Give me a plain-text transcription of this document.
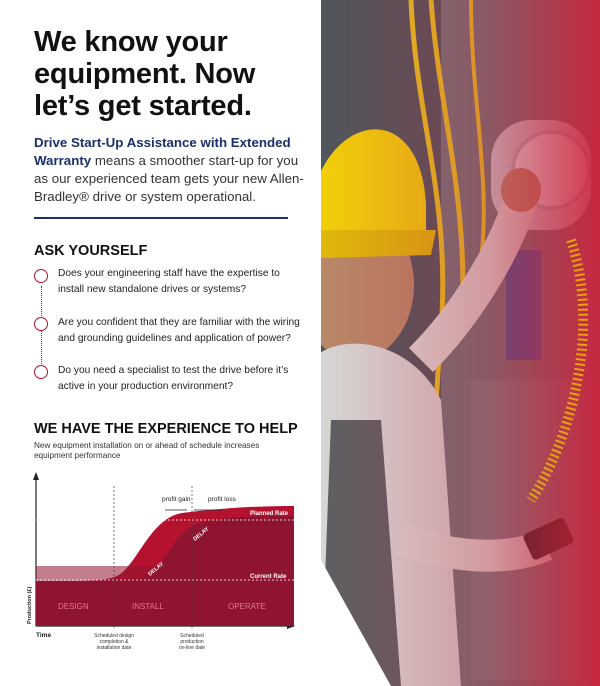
We know your equipment. Now let’s get started.

Drive Start-Up Assistance with Extended Warranty means a smoother start-up for you as our experienced team gets your new Allen-Bradley® drive or system operational.

ASK YOURSELF

Does your engineering staff have the expertise to install new standalone drives or systems?

Are you confident that they are familiar with the wiring and grounding guidelines and application of power?

Do you need a specialist to test the drive before it’s active in your production environment?

WE HAVE THE EXPERIENCE TO HELP

New equipment installation on or ahead of schedule increases equipment performance

profit gain	profit loss
Planned Rate
Current Rate
DELAY
DELAY
DESIGN	INSTALL	OPERATE
Production (£)
Time	Scheduled design completion & installation date
Scheduled production on-line date
